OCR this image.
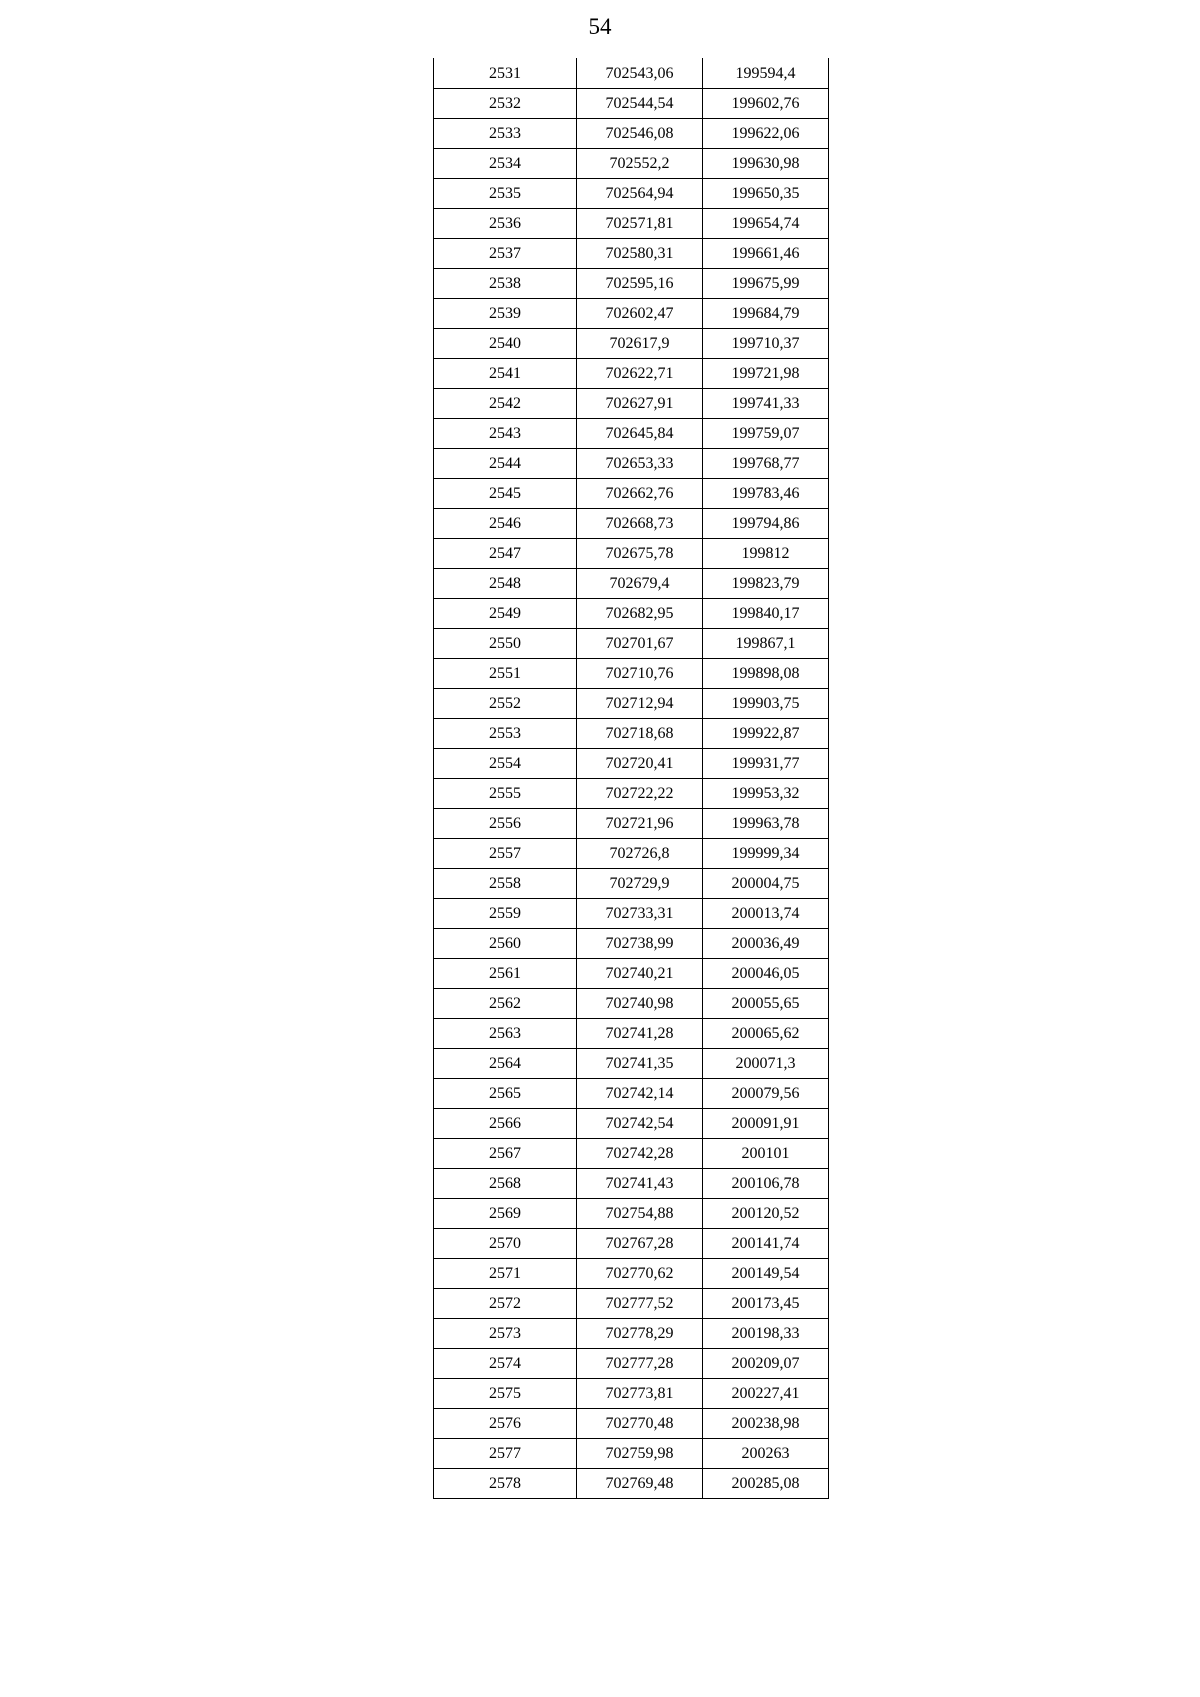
54
2531	702543,06	199594,4
2532	702544,54	199602,76
2533	702546,08	199622,06
2534	702552,2	199630,98
2535	702564,94	199650,35
2536	702571,81	199654,74
2537	702580,31	199661,46
2538	702595,16	199675,99
2539	702602,47	199684,79
2540	702617,9	199710,37
2541	702622,71	199721,98
2542	702627,91	199741,33
2543	702645,84	199759,07
2544	702653,33	199768,77
2545	702662,76	199783,46
2546	702668,73	199794,86
2547	702675,78	199812
2548	702679,4	199823,79
2549	702682,95	199840,17
2550	702701,67	199867,1
2551	702710,76	199898,08
2552	702712,94	199903,75
2553	702718,68	199922,87
2554	702720,41	199931,77
2555	702722,22	199953,32
2556	702721,96	199963,78
2557	702726,8	199999,34
2558	702729,9	200004,75
2559	702733,31	200013,74
2560	702738,99	200036,49
2561	702740,21	200046,05
2562	702740,98	200055,65
2563	702741,28	200065,62
2564	702741,35	200071,3
2565	702742,14	200079,56
2566	702742,54	200091,91
2567	702742,28	200101
2568	702741,43	200106,78
2569	702754,88	200120,52
2570	702767,28	200141,74
2571	702770,62	200149,54
2572	702777,52	200173,45
2573	702778,29	200198,33
2574	702777,28	200209,07
2575	702773,81	200227,41
2576	702770,48	200238,98
2577	702759,98	200263
2578	702769,48	200285,08
